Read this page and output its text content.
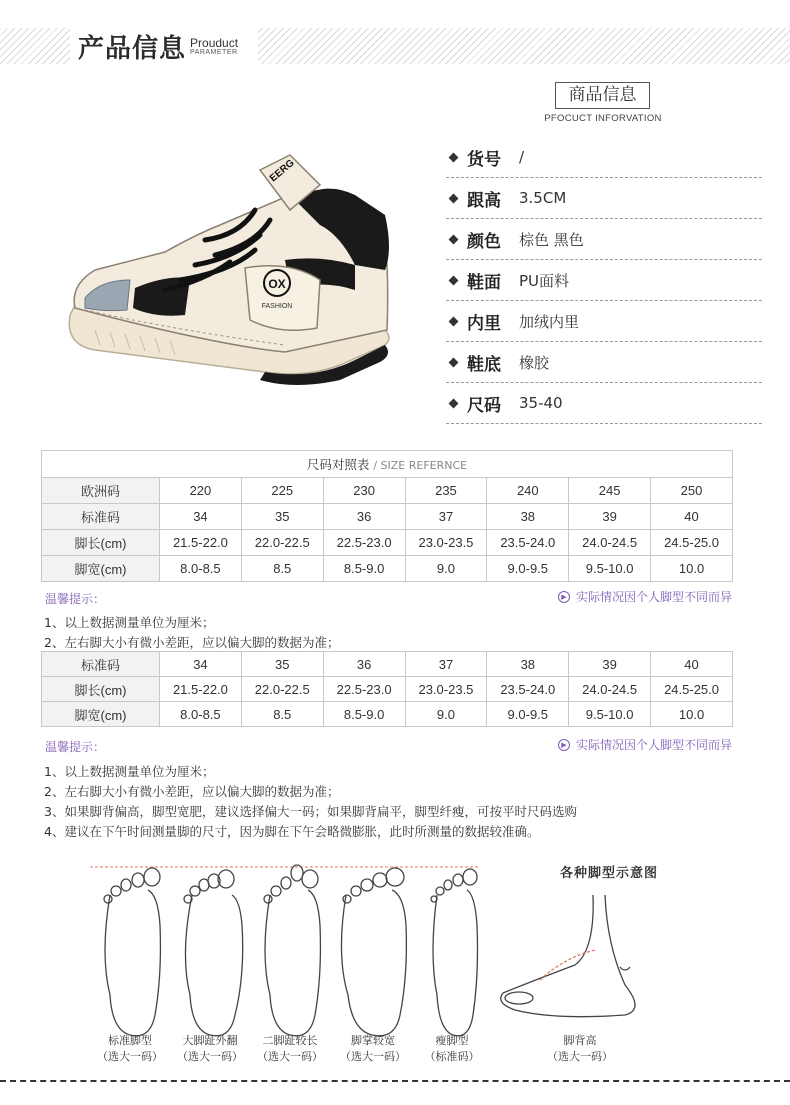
产品信息 Prouduct
PARAMETER
EERG
OX
FASHION
商品信息
PFOCUCT INFORVATION
货号	/
跟高	3.5CM
颜色	棕色 黑色
鞋面	PU面料
内里	加绒内里
鞋底	橡胶
尺码	35-40
尺码对照表 / SIZE REFERNCE
欧洲码	220	225	230	235	240	245	250
标准码	34	35	36	37	38	39	40
脚长(cm)	21.5-22.0	22.0-22.5	22.5-23.0	23.0-23.5	23.5-24.0	24.0-24.5	24.5-25.0
脚宽(cm)	8.0-8.5	8.5	8.5-9.0	9.0	9.0-9.5	9.5-10.0	10.0
温馨提示：	▶ 实际情况因个人脚型不同而异
1、以上数据测量单位为厘米；
2、左右脚大小有微小差距，应以偏大脚的数据为准；
标准码	34	35	36	37	38	39	40
脚长(cm)	21.5-22.0	22.0-22.5	22.5-23.0	23.0-23.5	23.5-24.0	24.0-24.5	24.5-25.0
脚宽(cm)	8.0-8.5	8.5	8.5-9.0	9.0	9.0-9.5	9.5-10.0	10.0
温馨提示：	▶ 实际情况因个人脚型不同而异
1、以上数据测量单位为厘米；
2、左右脚大小有微小差距，应以偏大脚的数据为准；
3、如果脚背偏高，脚型宽肥，建议选择偏大一码；如果脚背扁平，脚型纤瘦，可按平时尺码选购
4、建议在下午时间测量脚的尺寸，因为脚在下午会略微膨胀，此时所测量的数据较准确。
各种脚型示意图
标准脚型
（选大一码）
大脚趾外翻
（选大一码）
二脚趾较长
（选大一码）
脚掌较宽
（选大一码）
瘦脚型
（标准码）
脚背高
（选大一码）
